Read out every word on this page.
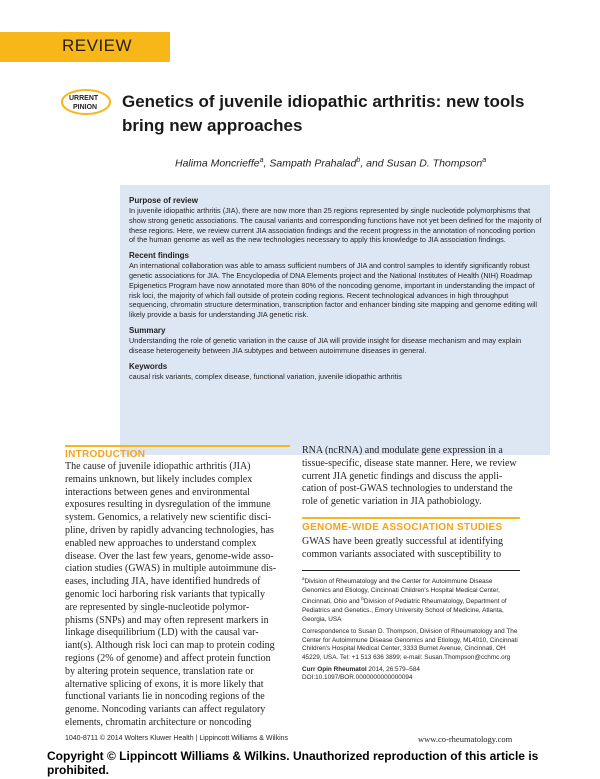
REVIEW
URRENT
PINION Genetics of juvenile idiopathic arthritis: new tools bring new approaches
Halima Moncrieffe$^a$, Sampath Prahalad$^b$, and Susan D. Thompson$^a$
Purpose of review

In juvenile idiopathic arthritis (JIA), there are now more than 25 regions represented by single nucleotide polymorphisms that show strong genetic associations. The causal variants and corresponding functions have not yet been defined for the majority of these regions. Here, we review current JIA association findings and the recent progress in the annotation of noncoding portion of the human genome as well as the new technologies necessary to apply this knowledge to JIA association findings.

Recent findings

An international collaboration was able to amass sufficient numbers of JIA and control samples to identify significantly robust genetic associations for JIA. The Encyclopedia of DNA Elements project and the National Institutes of Health (NIH) Roadmap Epigenetics Program have now annotated more than 80% of the noncoding genome, important in understanding the impact of risk loci, the majority of which fall outside of protein coding regions. Recent technological advances in high throughput sequencing, chromatin structure determination, transcription factor and enhancer binding site mapping and genome editing will likely provide a basis for understanding JIA genetic risk.

Summary

Understanding the role of genetic variation in the cause of JIA will provide insight for disease mechanism and may explain disease heterogeneity between JIA subtypes and between autoimmune diseases in general.

Keywords

causal risk variants, complex disease, functional variation, juvenile idiopathic arthritis

INTRODUCTION
The cause of juvenile idiopathic arthritis (JIA)
remains unknown, but likely includes complex
interactions between genes and environmental
exposures resulting in dysregulation of the immune
system. Genomics, a relatively new scientific disci-
pline, driven by rapidly advancing technologies, has
enabled new approaches to understand complex
disease. Over the last few years, genome-wide asso-
ciation studies (GWAS) in multiple autoimmune dis-
eases, including JIA, have identified hundreds of
genomic loci harboring risk variants that typically
are represented by single-nucleotide polymor-
phisms (SNPs) and may often represent markers in
linkage disequilibrium (LD) with the causal var-
iant(s). Although risk loci can map to protein coding
regions (2% of genome) and affect protein function
by altering protein sequence, translation rate or
alternative splicing of exons, it is more likely that
functional variants lie in noncoding regions of the
genome. Noncoding variants can affect regulatory
elements, chromatin architecture or noncoding
RNA (ncRNA) and modulate gene expression in a
tissue-specific, disease state manner. Here, we review
current JIA genetic findings and discuss the appli-
cation of post-GWAS technologies to understand the
role of genetic variation in JIA pathobiology.
GENOME-WIDE ASSOCIATION STUDIES
GWAS have been greatly successful at identifying
common variants associated with susceptibility to
$^a$Division of Rheumatology and the Center for Autoimmune Disease Genomics and Etiology, Cincinnati Children's Hospital Medical Center, Cincinnati, Ohio and $^b$Division of Pediatric Rheumatology, Department of Pediatrics and Genetics., Emory University School of Medicine, Atlanta, Georgia, USA
Correspondence to Susan D. Thompson, Division of Rheumatology and The Center for Autoimmune Disease Genomics and Etiology, ML4010, Cincinnati Children's Hospital Medical Center, 3333 Burnet Avenue, Cincinnati, OH 45229, USA. Tel: +1 513 636 3899; e-mail: Susan.Thompson@cchmc.org
Curr Opin Rheumatol 2014, 26:579–584
DOI:10.1097/BOR.0000000000000094
1040-8711 © 2014 Wolters Kluwer Health | Lippincott Williams & Wilkins	www.co-rheumatology.com
Copyright © Lippincott Williams & Wilkins. Unauthorized reproduction of this article is prohibited.
